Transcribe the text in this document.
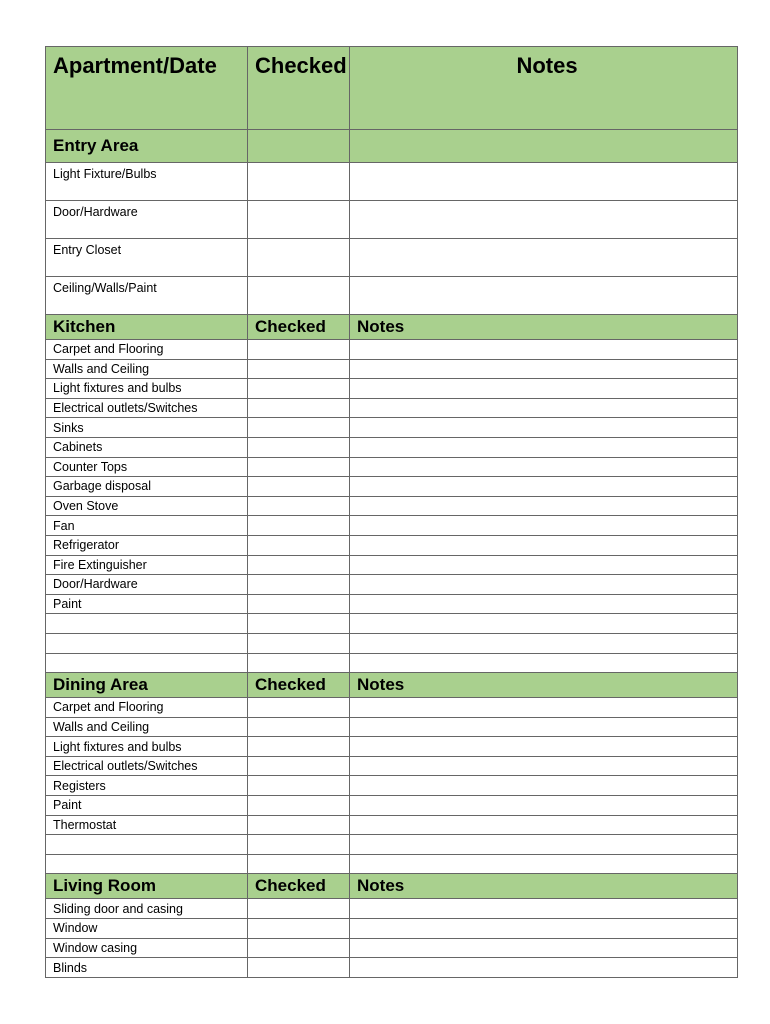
Apartment/Date	Checked	Notes
Entry Area		
Light Fixture/Bulbs		
Door/Hardware		
Entry Closet		
Ceiling/Walls/Paint		
Kitchen	Checked	Notes
Carpet and Flooring		
Walls and Ceiling		
Light fixtures and bulbs		
Electrical outlets/Switches		
Sinks		
Cabinets		
Counter Tops		
Garbage disposal		
Oven Stove		
Fan		
Refrigerator		
Fire Extinguisher		
Door/Hardware		
Paint		

Dining Area	Checked	Notes
Carpet and Flooring		
Walls and Ceiling		
Light fixtures and bulbs		
Electrical outlets/Switches		
Registers		
Paint		
Thermostat		

Living Room	Checked	Notes
Sliding door and casing		
Window		
Window casing		
Blinds		
